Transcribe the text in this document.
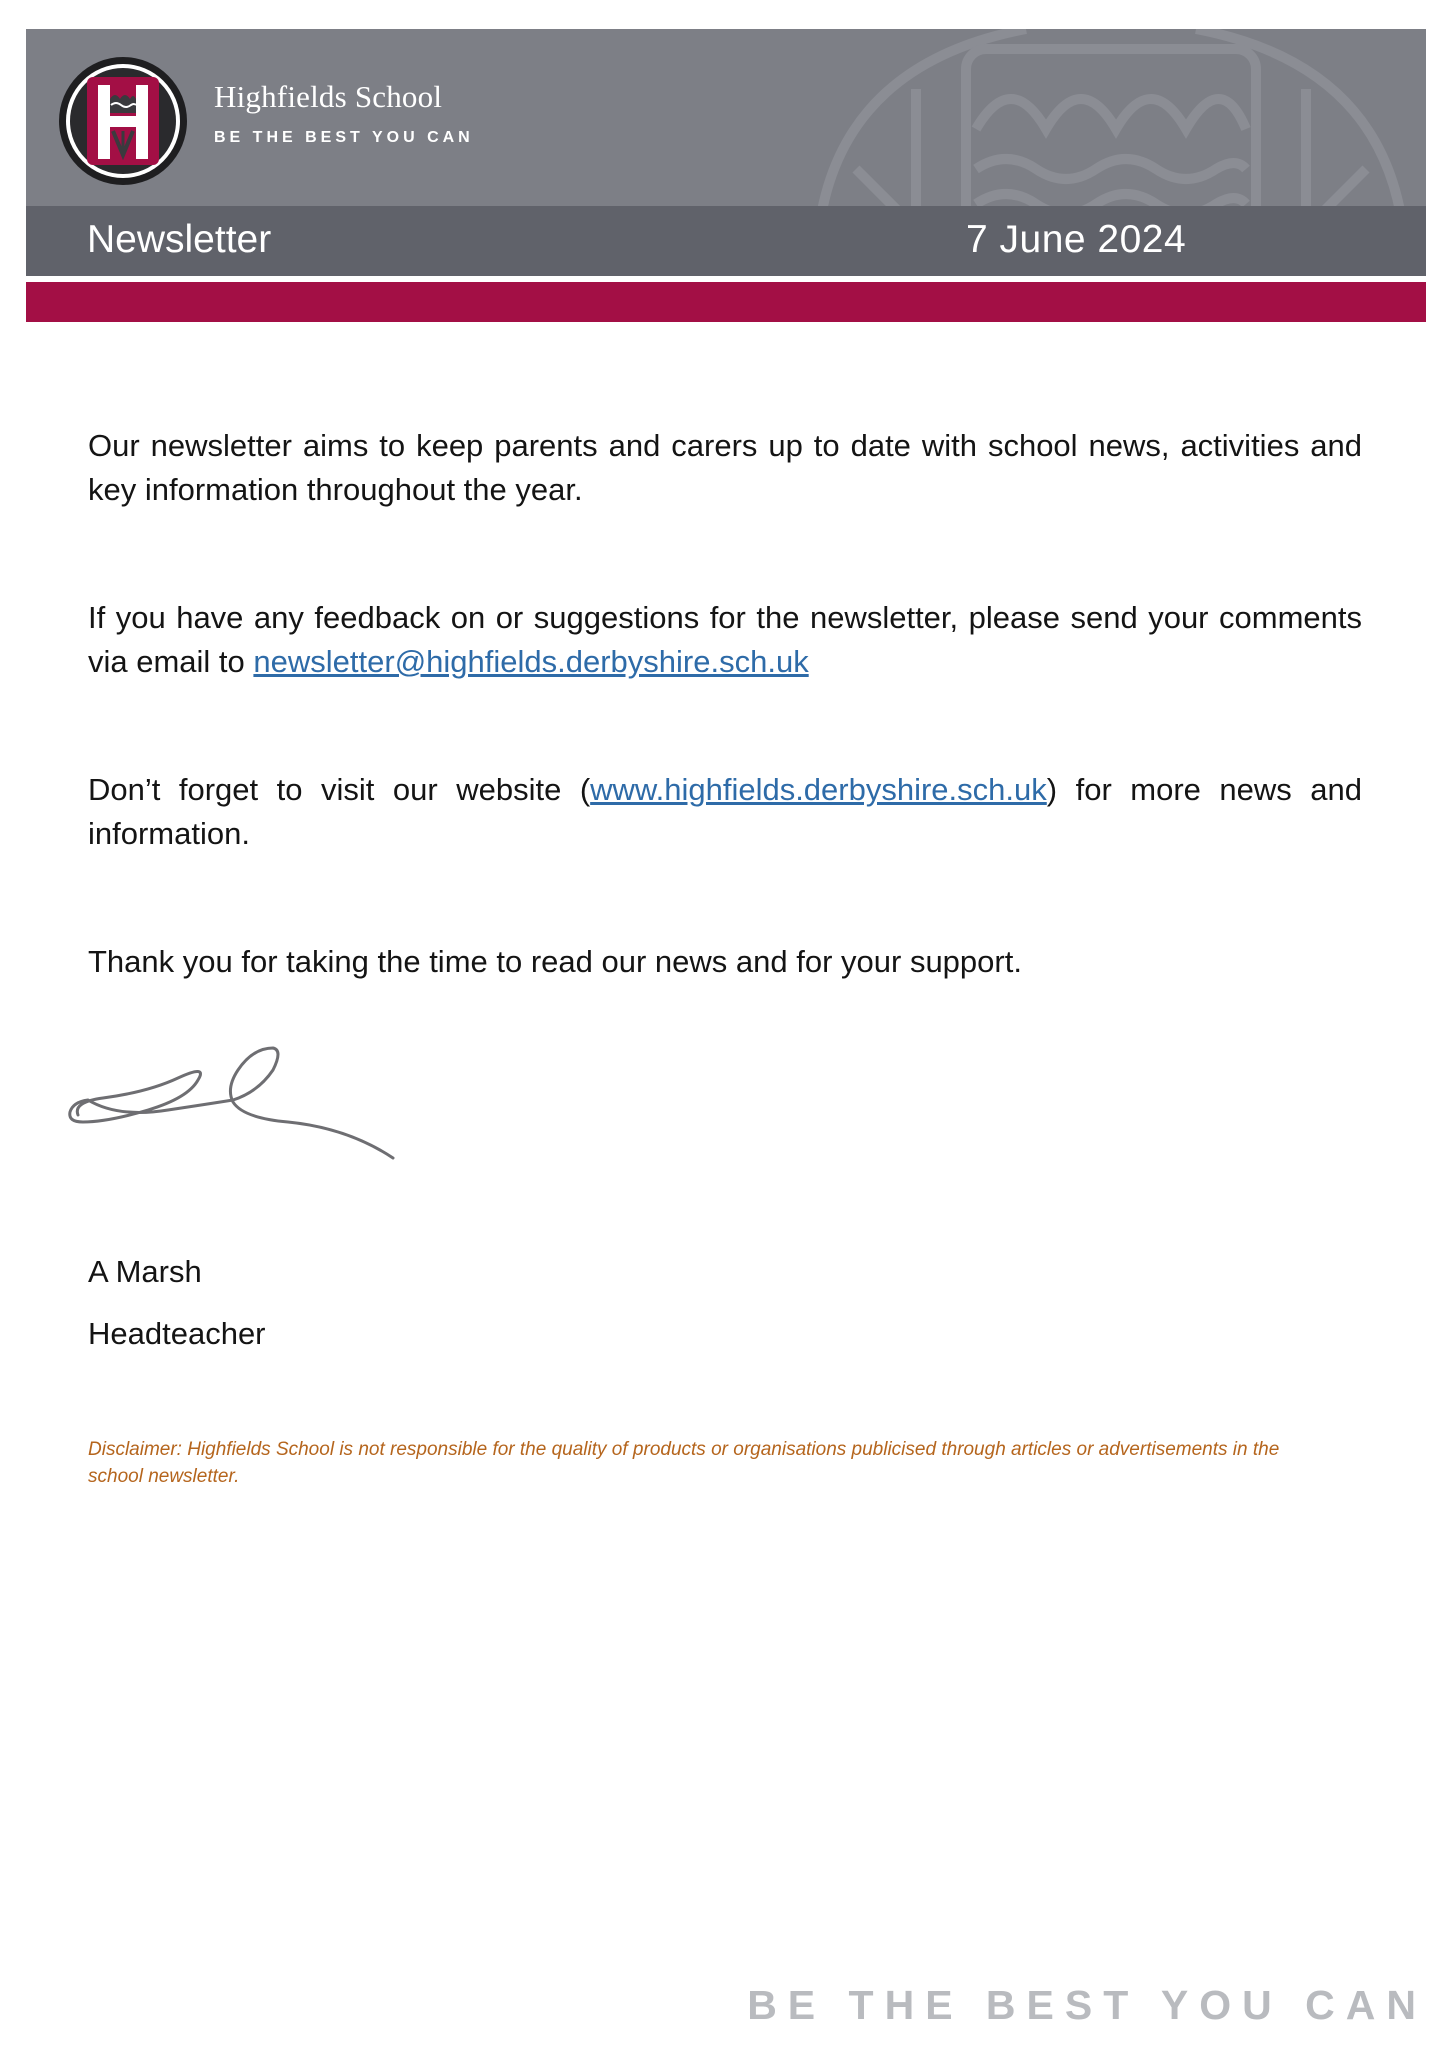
Highfields School
BE THE BEST YOU CAN
Newsletter	7 June 2024

Our newsletter aims to keep parents and carers up to date with school news, activities and key information throughout the year.

If you have any feedback on or suggestions for the newsletter, please send your comments via email to newsletter@highfields.derbyshire.sch.uk

Don’t forget to visit our website (www.highfields.derbyshire.sch.uk) for more news and information.

Thank you for taking the time to read our news and for your support.

A Marsh
Headteacher
Disclaimer: Highfields School is not responsible for the quality of products or organisations publicised through articles or advertisements in the school newsletter.
BE THE BEST YOU CAN
